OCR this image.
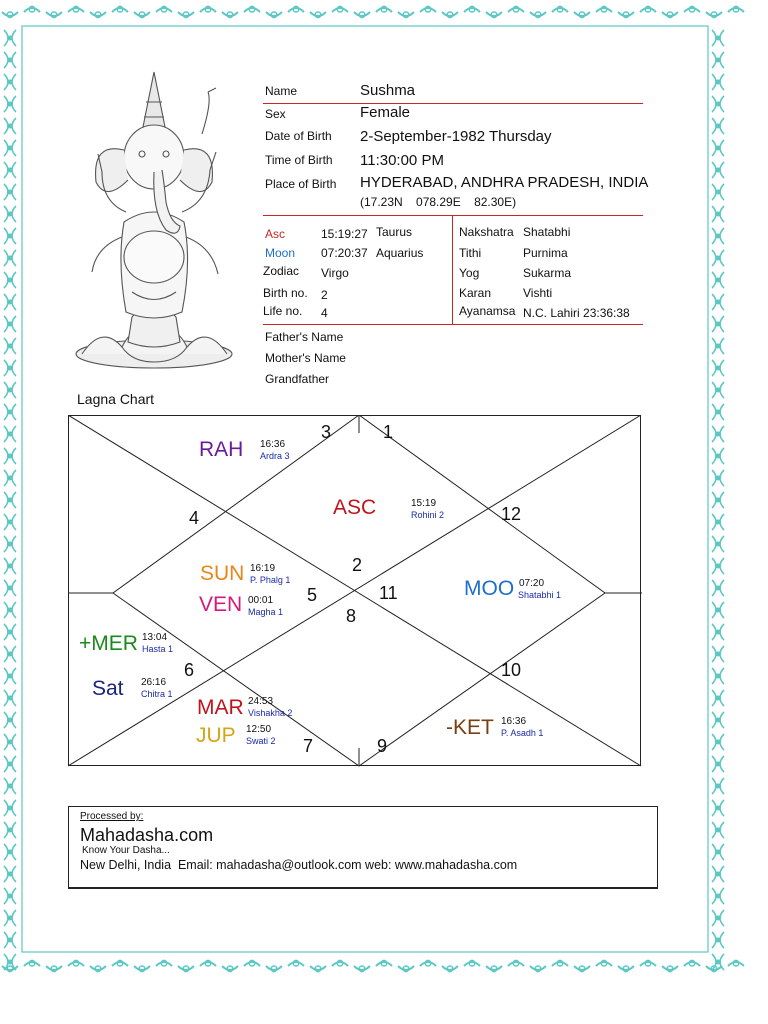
Name	Sushma
Sex	Female
Date of Birth 2-September-1982 Thursday
Time of Birth 11:30:00 PM
Place of Birth HYDERABAD, ANDHRA PRADESH, INDIA
(17.23N    078.29E    82.30E)
Asc	15:19:27 Taurus
Moon 07:20:37 Aquarius
Zodiac Virgo
Birth no. 2
Life no. 4
Nakshatra Shatabhi
Tithi	Purnima
Yog	Sukarma
Karan	Vishti
Ayanamsa N.C. Lahiri 23:36:38
Father's Name
Mother's Name
Grandfather
Lagna Chart
3	1
4	12
2
5	11
8
6	10
7	9
RAH 16:36
Ardra 3
ASC	15:19
Rohini 2
SUN 16:19
P. Phalg 1
VEN 00:01
Magha 1
MOO 07:20
Shatabhi 1
+MER 13:04
Hasta 1
Sat 26:16
Chitra 1
MAR 24:53
Vishakha 2
JUP 12:50
Swati 2
-KET 16:36
P. Asadh 1
Processed by:
Mahadasha.com
Know Your Dasha...
New Delhi, India  Email: mahadasha@outlook.com web: www.mahadasha.com
